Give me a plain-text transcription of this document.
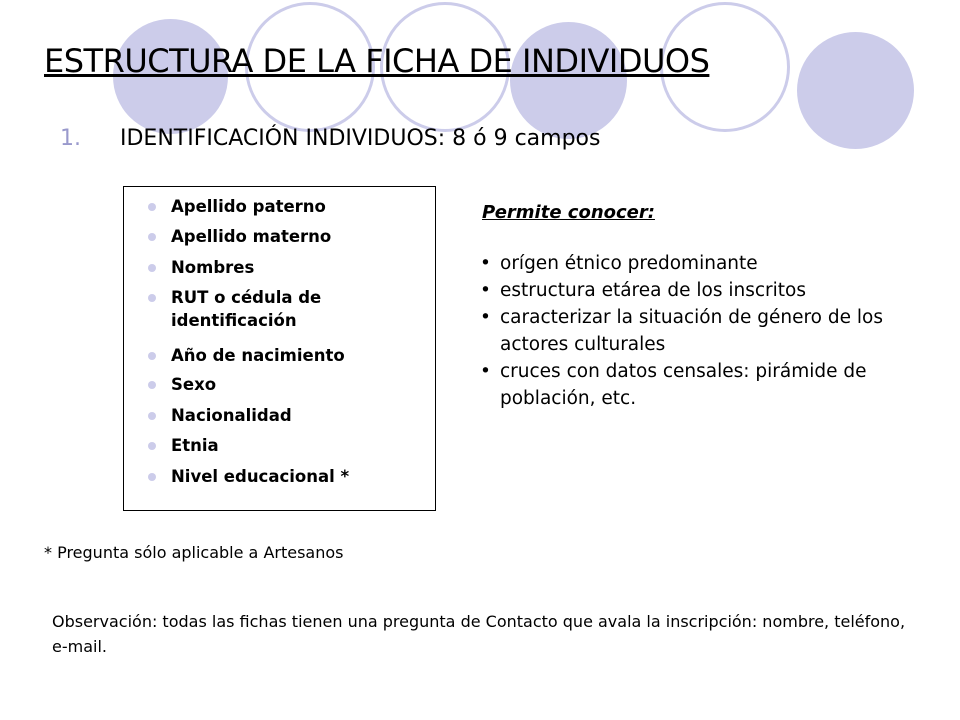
ESTRUCTURA DE LA FICHA DE INDIVIDUOS
1. IDENTIFICACIÓN INDIVIDUOS: 8 ó 9 campos
Apellido paterno
Apellido materno
Nombres
RUT o cédula de identificación
Año de nacimiento
Sexo
Nacionalidad
Etnia
Nivel educacional *
Permite conocer:
• orígen étnico predominante
• estructura etárea de los inscritos
• caracterizar la situación de género de los actores culturales
• cruces con datos censales: pirámide de población, etc.
* Pregunta sólo aplicable a Artesanos
Observación: todas las fichas tienen una pregunta de Contacto que avala la inscripción: nombre, teléfono, e-mail.
